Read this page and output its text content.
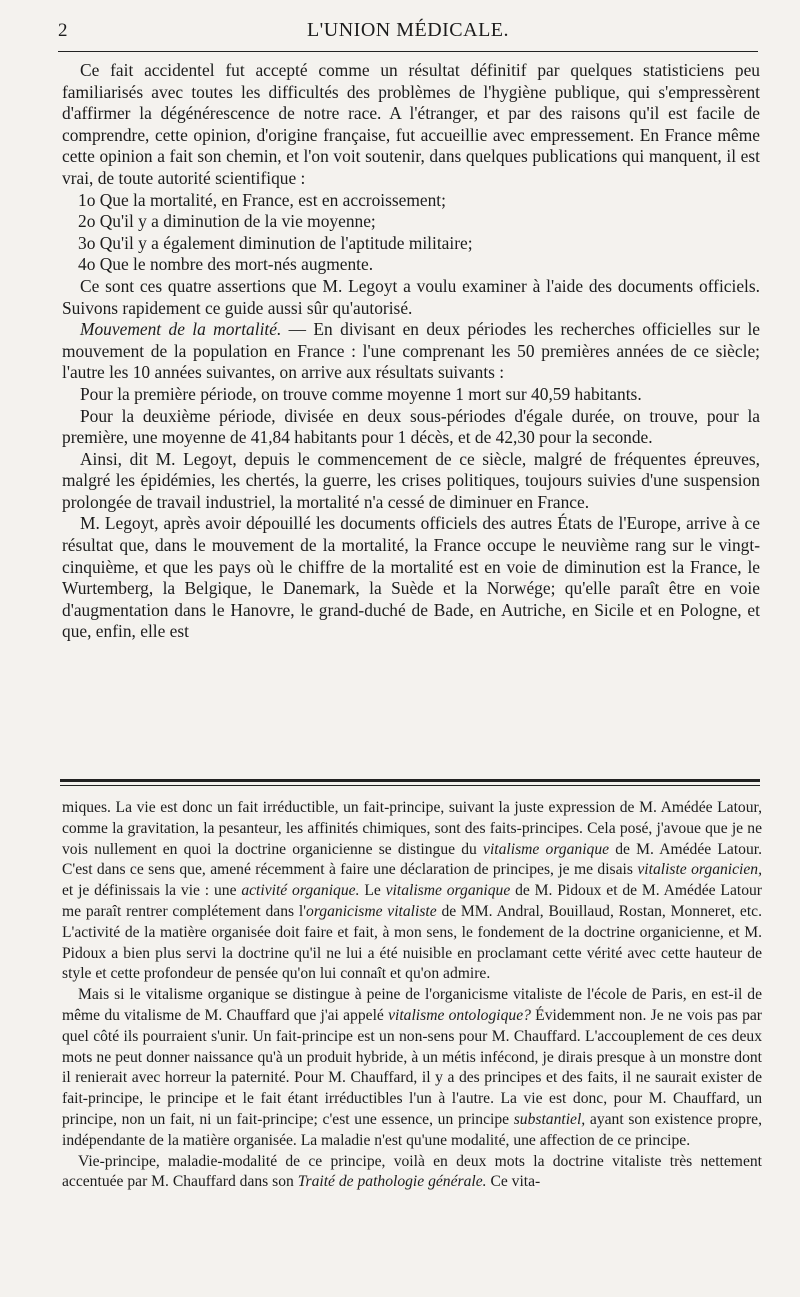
2	L'UNION MÉDICALE.

Ce fait accidentel fut accepté comme un résultat définitif par quelques statisticiens peu familiarisés avec toutes les difficultés des problèmes de l'hygiène publique, qui s'empressèrent d'affirmer la dégénérescence de notre race. A l'étranger, et par des raisons qu'il est facile de comprendre, cette opinion, d'origine française, fut accueillie avec empressement. En France même cette opinion a fait son chemin, et l'on voit soutenir, dans quelques publications qui manquent, il est vrai, de toute autorité scientifique :

1o Que la mortalité, en France, est en accroissement;

2o Qu'il y a diminution de la vie moyenne;

3o Qu'il y a également diminution de l'aptitude militaire;

4o Que le nombre des mort-nés augmente.

Ce sont ces quatre assertions que M. Legoyt a voulu examiner à l'aide des documents officiels. Suivons rapidement ce guide aussi sûr qu'autorisé.

Mouvement de la mortalité. — En divisant en deux périodes les recherches officielles sur le mouvement de la population en France : l'une comprenant les 50 premières années de ce siècle; l'autre les 10 années suivantes, on arrive aux résultats suivants :

Pour la première période, on trouve comme moyenne 1 mort sur 40,59 habitants.

Pour la deuxième période, divisée en deux sous-périodes d'égale durée, on trouve, pour la première, une moyenne de 41,84 habitants pour 1 décès, et de 42,30 pour la seconde.

Ainsi, dit M. Legoyt, depuis le commencement de ce siècle, malgré de fréquentes épreuves, malgré les épidémies, les chertés, la guerre, les crises politiques, toujours suivies d'une suspension prolongée de travail industriel, la mortalité n'a cessé de diminuer en France.

M. Legoyt, après avoir dépouillé les documents officiels des autres États de l'Europe, arrive à ce résultat que, dans le mouvement de la mortalité, la France occupe le neuvième rang sur le vingt-cinquième, et que les pays où le chiffre de la mortalité est en voie de diminution est la France, le Wurtemberg, la Belgique, le Danemark, la Suède et la Norwége; qu'elle paraît être en voie d'augmentation dans le Hanovre, le grand-duché de Bade, en Autriche, en Sicile et en Pologne, et que, enfin, elle est

miques. La vie est donc un fait irréductible, un fait-principe, suivant la juste expression de M. Amédée Latour, comme la gravitation, la pesanteur, les affinités chimiques, sont des faits-principes. Cela posé, j'avoue que je ne vois nullement en quoi la doctrine organicienne se distingue du vitalisme organique de M. Amédée Latour. C'est dans ce sens que, amené récemment à faire une déclaration de principes, je me disais vitaliste organicien, et je définissais la vie : une activité organique. Le vitalisme organique de M. Pidoux et de M. Amédée Latour me paraît rentrer complétement dans l'organicisme vitaliste de MM. Andral, Bouillaud, Rostan, Monneret, etc. L'activité de la matière organisée doit faire et fait, à mon sens, le fondement de la doctrine organicienne, et M. Pidoux a bien plus servi la doctrine qu'il ne lui a été nuisible en proclamant cette vérité avec cette hauteur de style et cette profondeur de pensée qu'on lui connaît et qu'on admire.

Mais si le vitalisme organique se distingue à peine de l'organicisme vitaliste de l'école de Paris, en est-il de même du vitalisme de M. Chauffard que j'ai appelé vitalisme ontologique? Évidemment non. Je ne vois pas par quel côté ils pourraient s'unir. Un fait-principe est un non-sens pour M. Chauffard. L'accouplement de ces deux mots ne peut donner naissance qu'à un produit hybride, à un métis infécond, je dirais presque à un monstre dont il renierait avec horreur la paternité. Pour M. Chauffard, il y a des principes et des faits, il ne saurait exister de fait-principe, le principe et le fait étant irréductibles l'un à l'autre. La vie est donc, pour M. Chauffard, un principe, non un fait, ni un fait-principe; c'est une essence, un principe substantiel, ayant son existence propre, indépendante de la matière organisée. La maladie n'est qu'une modalité, une affection de ce principe.

Vie-principe, maladie-modalité de ce principe, voilà en deux mots la doctrine vitaliste très nettement accentuée par M. Chauffard dans son Traité de pathologie générale. Ce vita-
